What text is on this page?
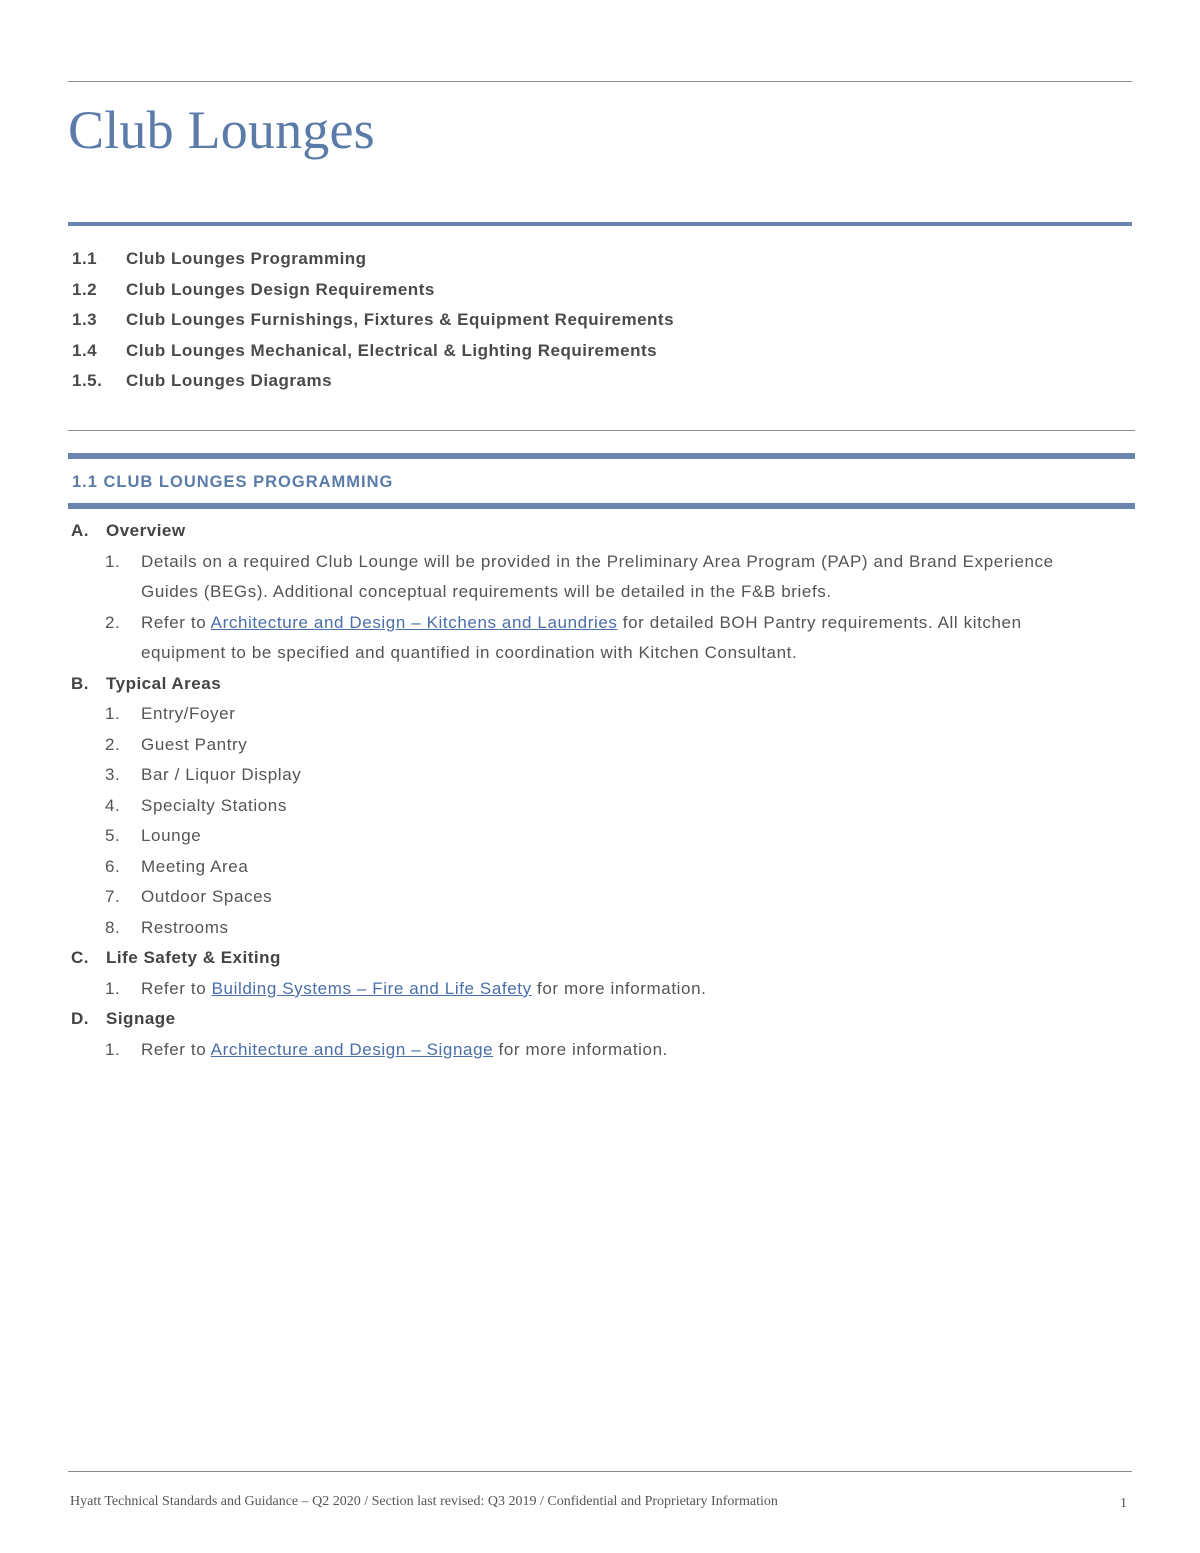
Club Lounges
1.1 Club Lounges Programming
1.2 Club Lounges Design Requirements
1.3 Club Lounges Furnishings, Fixtures & Equipment Requirements
1.4 Club Lounges Mechanical, Electrical & Lighting Requirements
1.5. Club Lounges Diagrams
1.1 CLUB LOUNGES PROGRAMMING
A. Overview
1. Details on a required Club Lounge will be provided in the Preliminary Area Program (PAP) and Brand Experience
Guides (BEGs). Additional conceptual requirements will be detailed in the F&B briefs.
2. Refer to Architecture and Design – Kitchens and Laundries for detailed BOH Pantry requirements. All kitchen
equipment to be specified and quantified in coordination with Kitchen Consultant.
B. Typical Areas
1. Entry/Foyer
2. Guest Pantry
3. Bar / Liquor Display
4. Specialty Stations
5. Lounge
6. Meeting Area
7. Outdoor Spaces
8. Restrooms
C. Life Safety & Exiting
1. Refer to Building Systems – Fire and Life Safety for more information.
D. Signage
1. Refer to Architecture and Design – Signage for more information.
Hyatt Technical Standards and Guidance – Q2 2020 / Section last revised: Q3 2019 / Confidential and Proprietary Information	1
